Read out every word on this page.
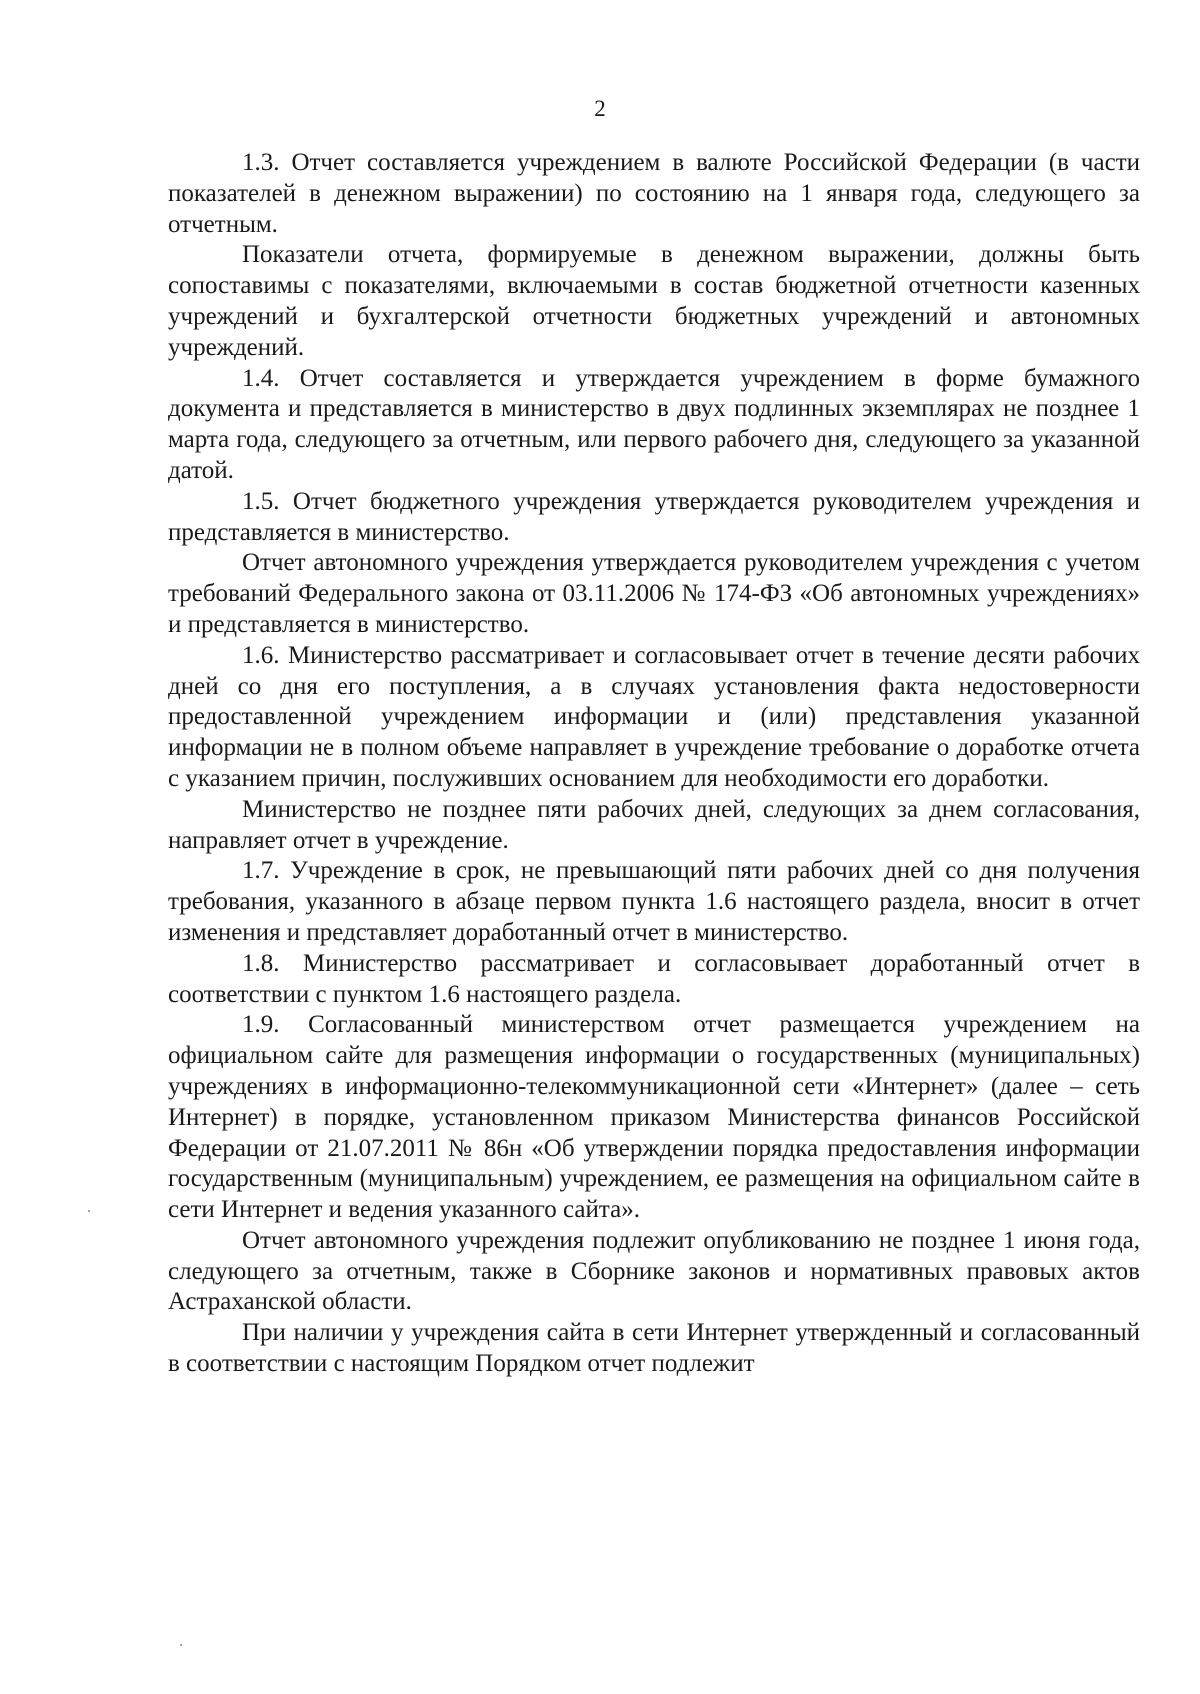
2

1.3. Отчет составляется учреждением в валюте Российской Федерации (в части показателей в денежном выражении) по состоянию на 1 января года, следующего за отчетным.

Показатели отчета, формируемые в денежном выражении, должны быть сопоставимы с показателями, включаемыми в состав бюджетной отчетности казенных учреждений и бухгалтерской отчетности бюджетных учреждений и автономных учреждений.

1.4. Отчет составляется и утверждается учреждением в форме бумажного документа и представляется в министерство в двух подлинных экземплярах не позднее 1 марта года, следующего за отчетным, или первого рабочего дня, следующего за указанной датой.

1.5. Отчет бюджетного учреждения утверждается руководителем учреждения и представляется в министерство.

Отчет автономного учреждения утверждается руководителем учреждения с учетом требований Федерального закона от 03.11.2006 № 174-ФЗ «Об автономных учреждениях» и представляется в министерство.

1.6. Министерство рассматривает и согласовывает отчет в течение десяти рабочих дней со дня его поступления, а в случаях установления факта недостоверности предоставленной учреждением информации и (или) представления указанной информации не в полном объеме направляет в учреждение требование о доработке отчета с указанием причин, послуживших основанием для необходимости его доработки.

Министерство не позднее пяти рабочих дней, следующих за днем согласования, направляет отчет в учреждение.

1.7. Учреждение в срок, не превышающий пяти рабочих дней со дня получения требования, указанного в абзаце первом пункта 1.6 настоящего раздела, вносит в отчет изменения и представляет доработанный отчет в министерство.

1.8. Министерство рассматривает и согласовывает доработанный отчет в соответствии с пунктом 1.6 настоящего раздела.

1.9. Согласованный министерством отчет размещается учреждением на официальном сайте для размещения информации о государственных (муниципальных) учреждениях в информационно-телекоммуникационной сети «Интернет» (далее – сеть Интернет) в порядке, установленном приказом Министерства финансов Российской Федерации от 21.07.2011 № 86н «Об утверждении порядка предоставления информации государственным (муниципальным) учреждением, ее размещения на официальном сайте в сети Интернет и ведения указанного сайта».

Отчет автономного учреждения подлежит опубликованию не позднее 1 июня года, следующего за отчетным, также в Сборнике законов и нормативных правовых актов Астраханской области.

При наличии у учреждения сайта в сети Интернет утвержденный и согласованный в соответствии с настоящим Порядком отчет подлежит
